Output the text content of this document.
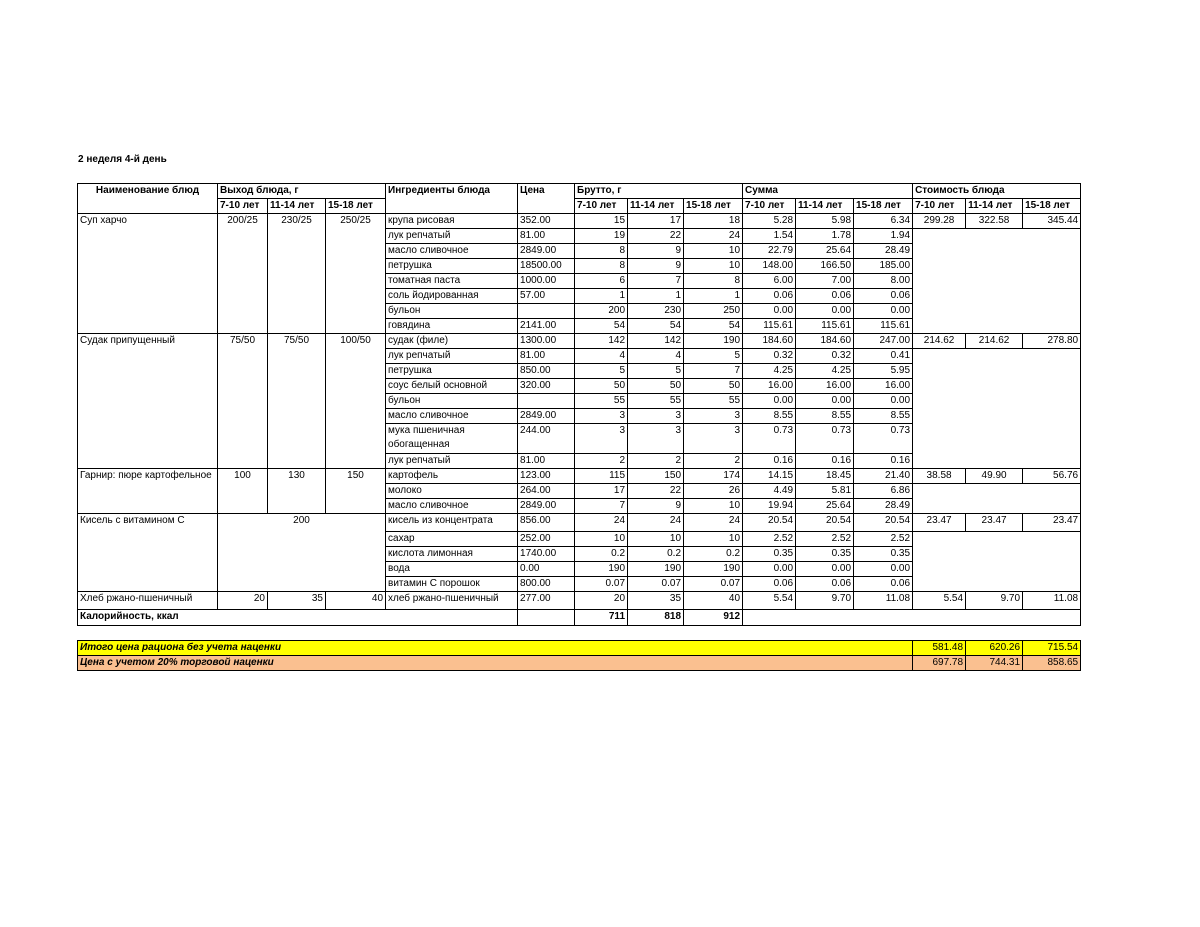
2 неделя 4-й день
Наименование блюд	Выход блюда, г			Ингредиенты блюда	Цена	Брутто, г			Сумма			Стоимость блюда		
	7-10 лет	11-14 лет	15-18 лет			7-10 лет	11-14 лет	15-18 лет	7-10 лет	11-14 лет	15-18 лет	7-10 лет	11-14 лет	15-18 лет
Суп харчо	200/25	230/25	250/25	крупа рисовая	352.00	15	17	18	5.28	5.98	6.34	299.28	322.58	345.44
				лук репчатый	81.00	19	22	24	1.54	1.78	1.94			
				масло сливочное	2849.00	8	9	10	22.79	25.64	28.49			
				петрушка	18500.00	8	9	10	148.00	166.50	185.00			
				томатная паста	1000.00	6	7	8	6.00	7.00	8.00			
				соль йодированная	57.00	1	1	1	0.06	0.06	0.06			
				бульон		200	230	250	0.00	0.00	0.00			
				говядина	2141.00	54	54	54	115.61	115.61	115.61			
Судак припущенный	75/50	75/50	100/50	судак (филе)	1300.00	142	142	190	184.60	184.60	247.00	214.62	214.62	278.80
				лук репчатый	81.00	4	4	5	0.32	0.32	0.41			
				петрушка	850.00	5	5	7	4.25	4.25	5.95			
				соус белый основной	320.00	50	50	50	16.00	16.00	16.00			
				бульон		55	55	55	0.00	0.00	0.00			
				масло сливочное	2849.00	3	3	3	8.55	8.55	8.55			
				мука пшеничная обогащенная	244.00	3	3	3	0.73	0.73	0.73			
				лук репчатый	81.00	2	2	2	0.16	0.16	0.16			
Гарнир: пюре картофельное	100	130	150	картофель	123.00	115	150	174	14.15	18.45	21.40	38.58	49.90	56.76
				молоко	264.00	17	22	26	4.49	5.81	6.86			
				масло сливочное	2849.00	7	9	10	19.94	25.64	28.49			
Кисель с витамином С	200			кисель из концентрата	856.00	24	24	24	20.54	20.54	20.54	23.47	23.47	23.47
				сахар	252.00	10	10	10	2.52	2.52	2.52			
				кислота лимонная	1740.00	0.2	0.2	0.2	0.35	0.35	0.35			
				вода	0.00	190	190	190	0.00	0.00	0.00			
				витамин С порошок	800.00	0.07	0.07	0.07	0.06	0.06	0.06			
Хлеб ржано-пшеничный	20	35	40	хлеб ржано-пшеничный	277.00	20	35	40	5.54	9.70	11.08	5.54	9.70	11.08
Калорийность, ккал						711	818	912						

Итого цена рациона без учета наценки												581.48	620.26	715.54
Цена с учетом 20% торговой наценки												697.78	744.31	858.65
